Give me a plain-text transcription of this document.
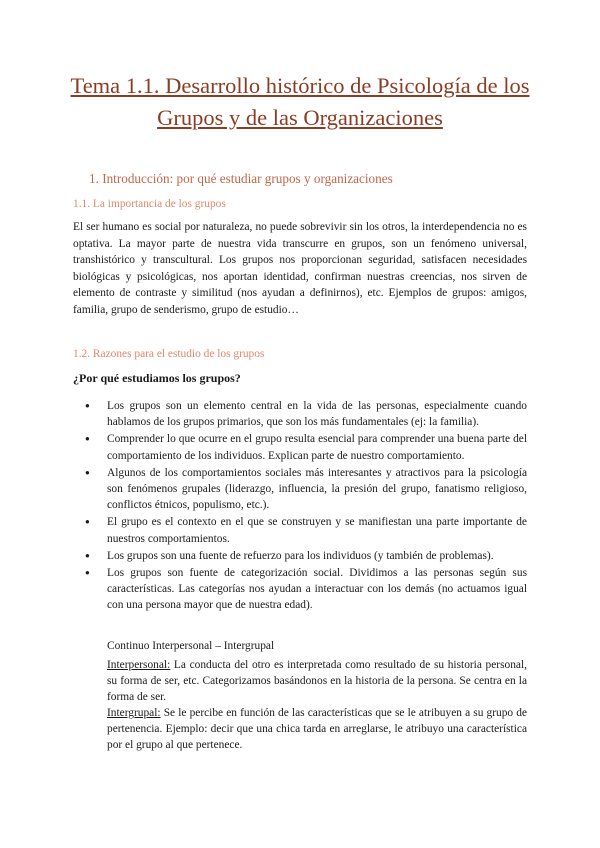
Tema 1.1. Desarrollo histórico de Psicología de los Grupos y de las Organizaciones
1. Introducción: por qué estudiar grupos y organizaciones
1.1. La importancia de los grupos

El ser humano es social por naturaleza, no puede sobrevivir sin los otros, la interdependencia no es optativa. La mayor parte de nuestra vida transcurre en grupos, son un fenómeno universal, transhistórico y transcultural. Los grupos nos proporcionan seguridad, satisfacen necesidades biológicas y psicológicas, nos aportan identidad, confirman nuestras creencias, nos sirven de elemento de contraste y similitud (nos ayudan a definirnos), etc. Ejemplos de grupos: amigos, familia, grupo de senderismo, grupo de estudio…

1.2. Razones para el estudio de los grupos

¿Por qué estudiamos los grupos?

● Los grupos son un elemento central en la vida de las personas, especialmente cuando hablamos de los grupos primarios, que son los más fundamentales (ej: la familia).
● Comprender lo que ocurre en el grupo resulta esencial para comprender una buena parte del comportamiento de los individuos. Explican parte de nuestro comportamiento.
● Algunos de los comportamientos sociales más interesantes y atractivos para la psicología son fenómenos grupales (liderazgo, influencia, la presión del grupo, fanatismo religioso, conflictos étnicos, populismo, etc.).
● El grupo es el contexto en el que se construyen y se manifiestan una parte importante de nuestros comportamientos.
● Los grupos son una fuente de refuerzo para los individuos (y también de problemas).
● Los grupos son fuente de categorización social. Dividimos a las personas según sus características. Las categorías nos ayudan a interactuar con los demás (no actuamos igual con una persona mayor que de nuestra edad).

Continuo Interpersonal – Intergrupal

Interpersonal: La conducta del otro es interpretada como resultado de su historia personal, su forma de ser, etc. Categorizamos basándonos en la historia de la persona. Se centra en la forma de ser.

Intergrupal: Se le percibe en función de las características que se le atribuyen a su grupo de pertenencia. Ejemplo: decir que una chica tarda en arreglarse, le atribuyo una característica por el grupo al que pertenece.
